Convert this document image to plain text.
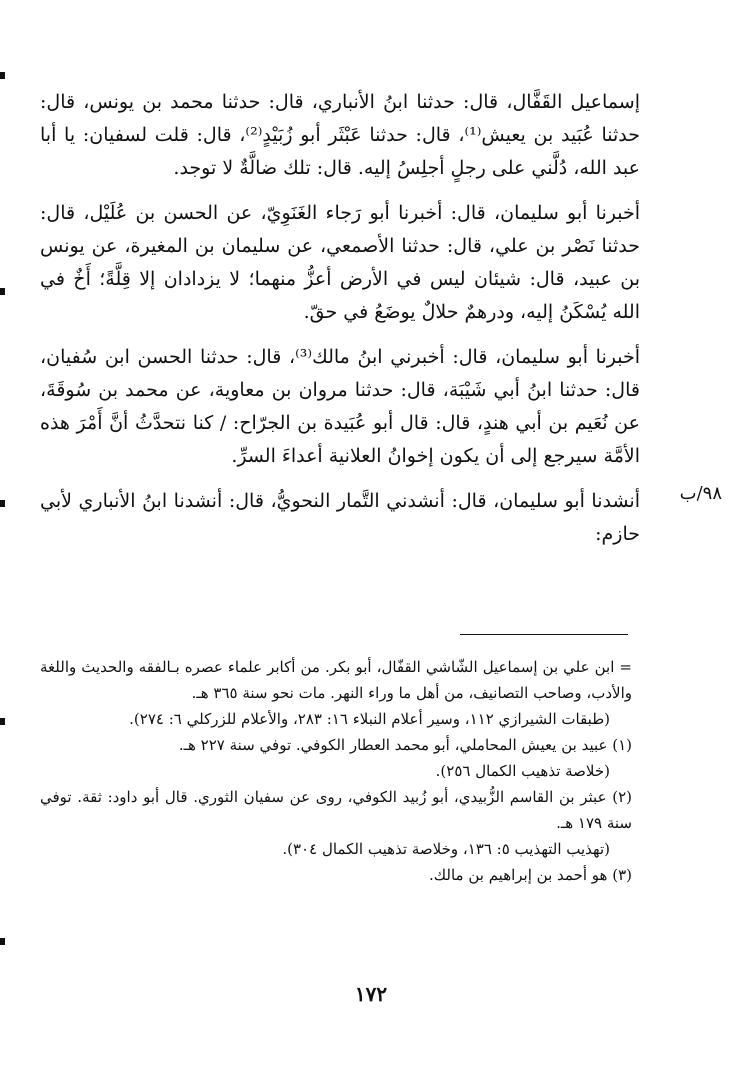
إسماعيل القَفَّال، قال: حدثنا ابنُ الأنباري، قال: حدثنا محمد بن يونس، قال: حدثنا عُبَيد بن يعيش⁽¹⁾، قال: حدثنا عَبْثَر أبو زُبَيْدٍ⁽²⁾، قال: قلت لسفيان: يا أبا عبد الله، دُلَّني على رجلٍ أجلِسُ إليه. قال: تلك ضالَّةٌ لا توجد.

أخبرنا أبو سليمان، قال: أخبرنا أبو رَجاء الغَنَوِيّ، عن الحسن بن عُلَيْل، قال: حدثنا نَصْر بن علي، قال: حدثنا الأصمعي، عن سليمان بن المغيرة، عن يونس بن عبيد، قال: شيئان ليس في الأرض أعزُّ منهما؛ لا يزدادان إلا قِلَّةً؛ أَخٌ في الله يُسْكَنُ إليه، ودرهمٌ حلالٌ يوضَعُ في حقّ.

أخبرنا أبو سليمان، قال: أخبرني ابنُ مالك⁽³⁾، قال: حدثنا الحسن ابن سُفيان، قال: حدثنا ابنُ أبي شَيْبَة، قال: حدثنا مروان بن معاوية، عن محمد بن سُوقَةَ، عن نُعَيم بن أبي هندٍ، قال: قال أبو عُبَيدة بن الجرّاح: / كنا نتحدَّثُ أنَّ أَمْرَ هذه الأمَّة سيرجع إلى أن يكون إخوانُ العلانية أعداءَ السرِّ.

أنشدنا أبو سليمان، قال: أنشدني التَّمار النحويُّ، قال: أنشدنا ابنُ الأنباري لأبي حازم:

٩٨/ب

= ابن علي بن إسماعيل الشّاشي القفّال، أبو بكر. من أكابر علماء عصره بـالفقه والحديث واللغة والأدب، وصاحب التصانيف، من أهل ما وراء النهر. مات نحو سنة ٣٦٥ هـ.

(طبقات الشيرازي ١١٢، وسير أعلام النبلاء ١٦: ٢٨٣، والأعلام للزركلي ٦: ٢٧٤).

(١) عبيد بن يعيش المحاملي، أبو محمد العطار الكوفي. توفي سنة ٢٢٧ هـ.

(خلاصة تذهيب الكمال ٢٥٦).

(٢) عبثر بن القاسم الزُّبيدي، أبو زُبيد الكوفي، روى عن سفيان الثوري. قال أبو داود: ثقة. توفي سنة ١٧٩ هـ.

(تهذيب التهذيب ٥: ١٣٦، وخلاصة تذهيب الكمال ٣٠٤).

(٣) هو أحمد بن إبراهيم بن مالك.

١٧٢
